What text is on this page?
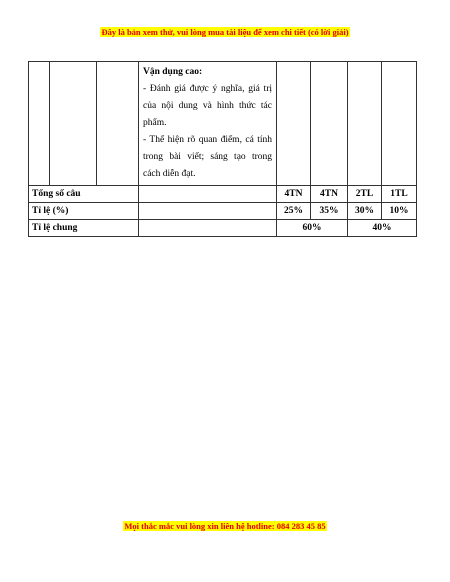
Đây là bản xem thử, vui lòng mua tài liệu để xem chi tiết (có lời giải)

			Vận dụng cao:
- Đánh giá được ý nghĩa, giá trị của nội dung và hình thức tác phẩm.
- Thể hiện rõ quan điểm, cá tính trong bài viết; sáng tạo trong cách diễn đạt.				

Tổng số câu				4TN	4TN	2TL	1TL
Tỉ lệ (%)				25%	35%	30%	10%
Tỉ lệ chung				60%		40%	
Mọi thắc mắc vui lòng xin liên hệ hotline: 084 283 45 85
